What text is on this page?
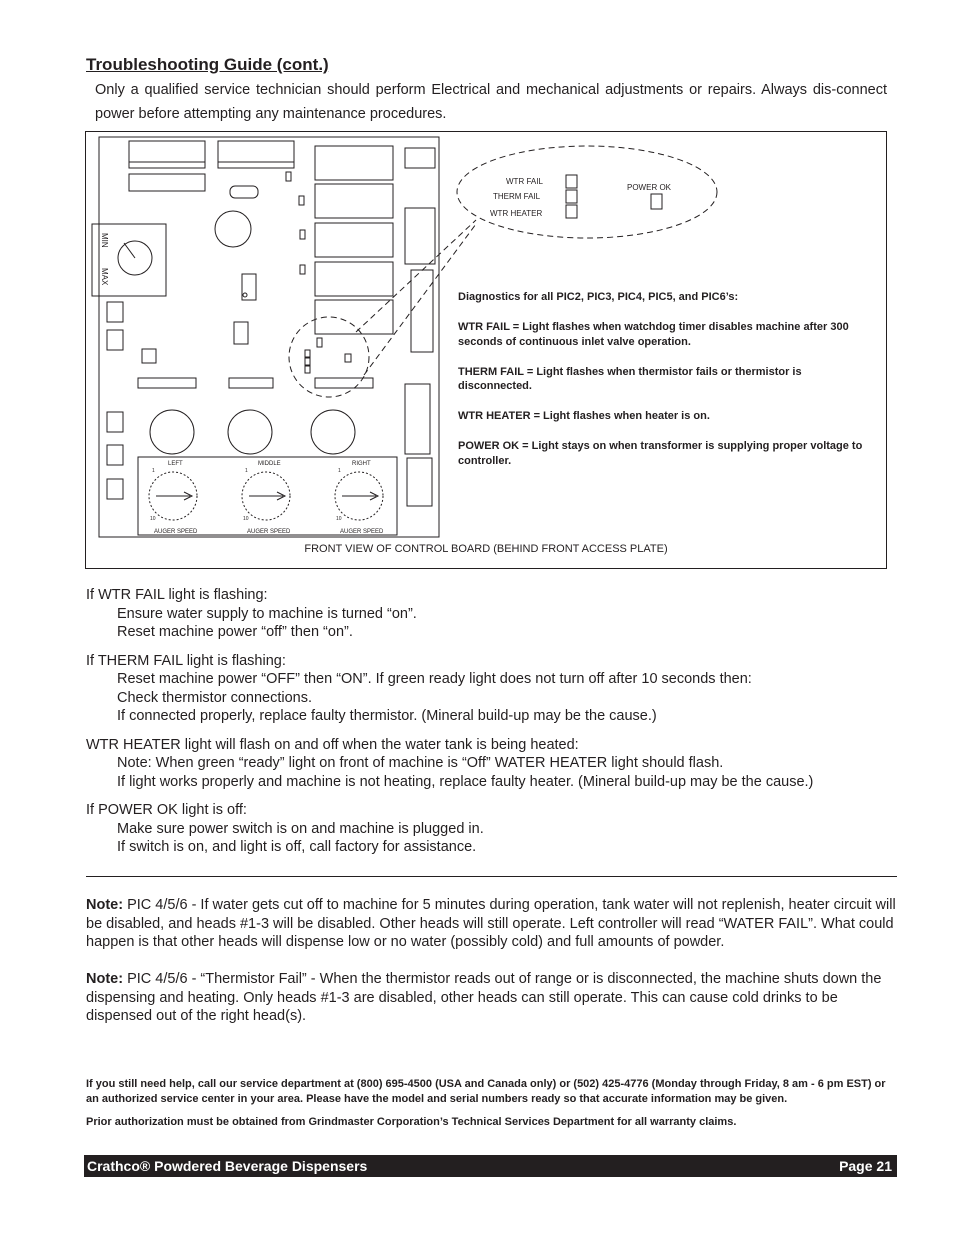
Troubleshooting Guide (cont.)
Only a qualified service technician should perform Electrical and mechanical adjustments or repairs. Always dis-connect power before attempting any maintenance procedures.
MIN
MAX
LEFT	MIDDLE	RIGHT
AUGER SPEED	AUGER SPEED	AUGER SPEED
1
10
1
10
1
10
WTR FAIL
THERM FAIL
WTR HEATER
POWER OK

Diagnostics for all PIC2, PIC3, PIC4, PIC5, and PIC6’s:

WTR FAIL = Light flashes when watchdog timer disables machine after 300 seconds of continuous inlet valve operation.

THERM FAIL = Light flashes when thermistor fails or thermistor is disconnected.

WTR HEATER = Light flashes when heater is on.

POWER OK = Light stays on when transformer is supplying proper voltage to controller.

FRONT VIEW OF CONTROL BOARD (BEHIND FRONT ACCESS PLATE)
If WTR FAIL light is flashing:
Ensure water supply to machine is turned “on”.
Reset machine power “off” then “on”.
If THERM FAIL light is flashing:
Reset machine power “OFF” then “ON”. If green ready light does not turn off after 10 seconds then:
Check thermistor connections.
If connected properly, replace faulty thermistor. (Mineral build-up may be the cause.)
WTR HEATER light will flash on and off when the water tank is being heated:
Note: When green “ready” light on front of machine is “Off” WATER HEATER light should flash.
If light works properly and machine is not heating, replace faulty heater. (Mineral build-up may be the cause.)
If POWER OK light is off:
Make sure power switch is on and machine is plugged in.
If switch is on, and light is off, call factory for assistance.

Note: PIC 4/5/6 - If water gets cut off to machine for 5 minutes during operation, tank water will not replenish, heater circuit will be disabled, and heads #1-3 will be disabled. Other heads will still operate. Left controller will read “WATER FAIL”. What could happen is that other heads will dispense low or no water (possibly cold) and full amounts of powder.

Note: PIC 4/5/6 - “Thermistor Fail” - When the thermistor reads out of range or is disconnected, the machine shuts down the dispensing and heating. Only heads #1-3 are disabled, other heads can still operate. This can cause cold drinks to be dispensed out of the right head(s).

If you still need help, call our service department at (800) 695-4500 (USA and Canada only) or (502) 425-4776 (Monday through Friday, 8 am - 6 pm EST) or an authorized service center in your area. Please have the model and serial numbers ready so that accurate information may be given.

Prior authorization must be obtained from Grindmaster Corporation’s Technical Services Department for all warranty claims.

Crathco® Powdered Beverage Dispensers	Page 21
